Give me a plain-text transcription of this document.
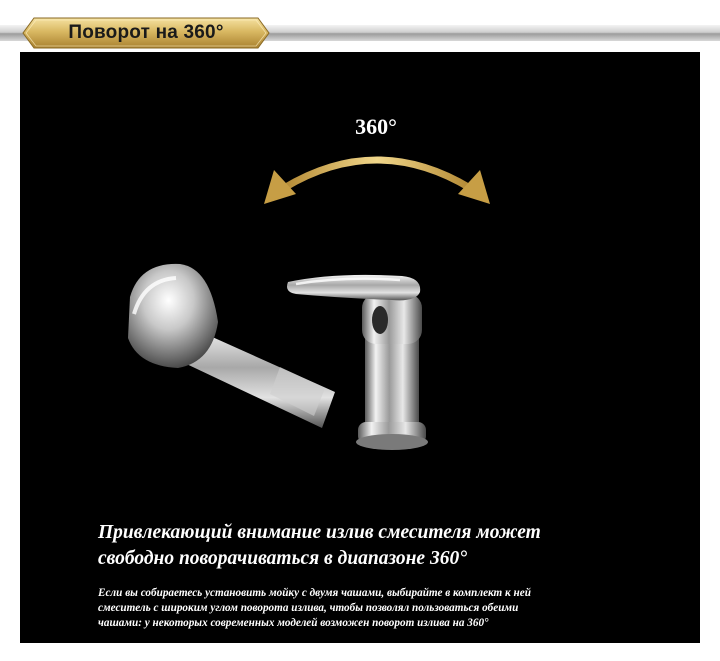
Поворот на 360°
360°
Привлекающий внимание излив смесителя может
свободно поворачиваться в диапазоне 360°
Если вы собираетесь установить мойку с двумя чашами, выбирайте в комплект к ней
смеситель с широким углом поворота излива, чтобы позволял пользоваться обеими
чашами: у некоторых современных моделей возможен поворот излива на 360°
